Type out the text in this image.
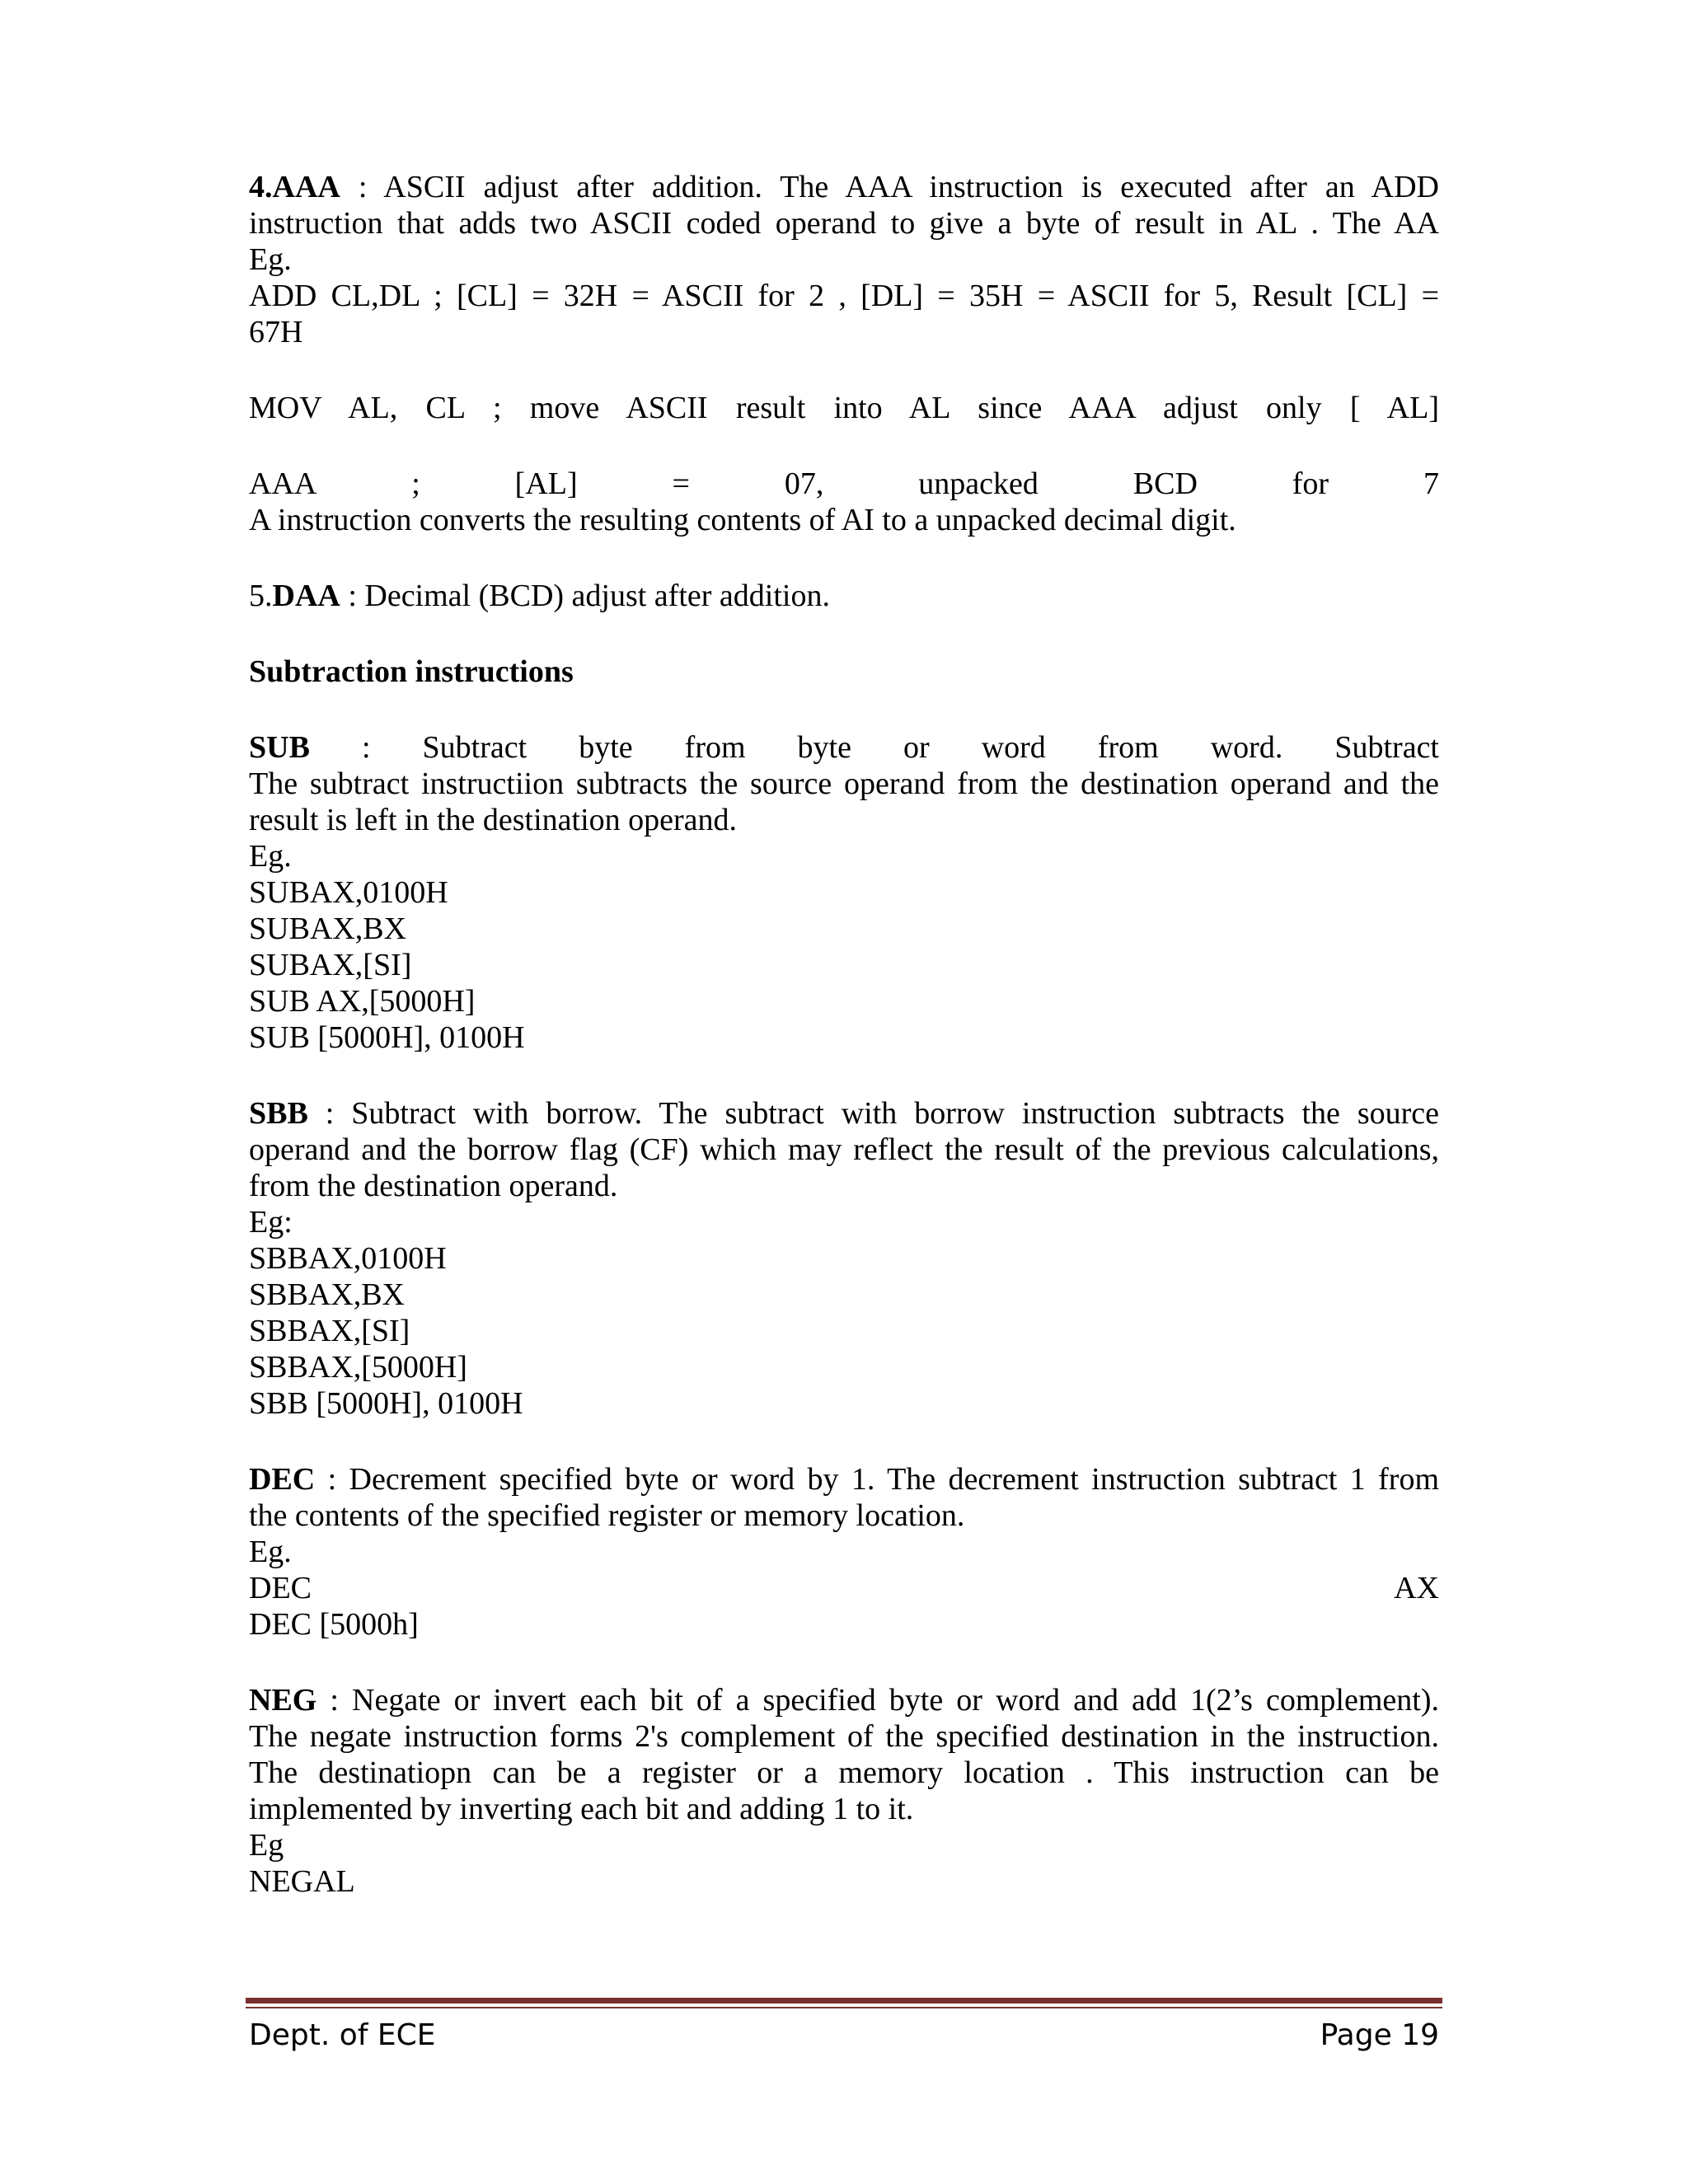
4.AAA : ASCII adjust after addition. The AAA instruction is executed after an ADD

instruction that adds two ASCII coded operand to give a byte of result in AL . The AA

Eg.

ADD CL,DL ; [CL] = 32H = ASCII for 2 , [DL] = 35H = ASCII for 5, Result [CL] =

67H

MOV AL, CL ; move ASCII result into AL since AAA adjust only [ AL]

AAA	;	[AL]	=	07,	unpacked	BCD	for	7

A instruction converts the resulting contents of AI to a unpacked decimal digit.

5.DAA : Decimal (BCD) adjust after addition.

Subtraction instructions

SUB : Subtract byte from byte or word from word. Subtract

The subtract instructiion subtracts the source operand from the destination operand and the

result is left in the destination operand.

Eg.

SUBAX,0100H

SUBAX,BX

SUBAX,[SI]

SUB AX,[5000H]

SUB [5000H], 0100H

SBB : Subtract with borrow. The subtract with borrow instruction subtracts the source

operand and the borrow flag (CF) which may reflect the result of the previous calculations,

from the destination operand.

Eg:

SBBAX,0100H

SBBAX,BX

SBBAX,[SI]

SBBAX,[5000H]

SBB [5000H], 0100H

DEC : Decrement specified byte or word by 1. The decrement instruction subtract 1 from

the contents of the specified register or memory location.

Eg.

DEC	AX

DEC [5000h]

NEG : Negate or invert each bit of a specified byte or word and add 1(2’s complement).

The negate instruction forms 2's complement of the specified destination in the instruction.

The destinatiopn can be a register or a memory location . This instruction can be

implemented by inverting each bit and adding 1 to it.

Eg

NEGAL

Dept. of ECE	Page 19
